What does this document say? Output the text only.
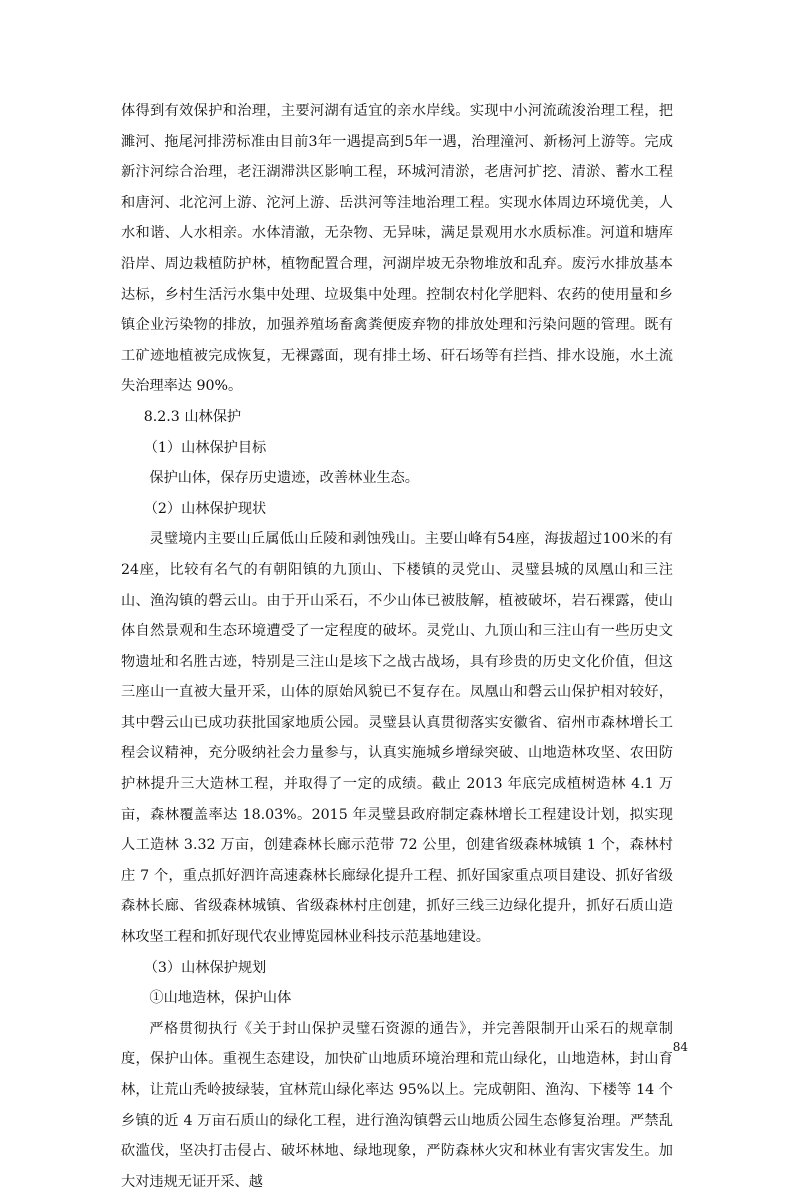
体得到有效保护和治理，主要河湖有适宜的亲水岸线。实现中小河流疏浚治理工程，把濉河、拖尾河排涝标准由目前3年一遇提高到5年一遇，治理潼河、新杨河上游等。完成新汴河综合治理，老汪湖滞洪区影响工程，环城河清淤，老唐河扩挖、清淤、蓄水工程和唐河、北沱河上游、沱河上游、岳洪河等洼地治理工程。实现水体周边环境优美，人水和谐、人水相亲。水体清澈，无杂物、无异味，满足景观用水水质标准。河道和塘库沿岸、周边栽植防护林，植物配置合理，河湖岸坡无杂物堆放和乱弃。废污水排放基本达标，乡村生活污水集中处理、垃圾集中处理。控制农村化学肥料、农药的使用量和乡镇企业污染物的排放，加强养殖场畜禽粪便废弃物的排放处理和污染问题的管理。既有工矿迹地植被完成恢复，无裸露面，现有排土场、矸石场等有拦挡、排水设施，水土流失治理率达 90%。

8.2.3 山林保护

（1）山林保护目标

保护山体，保存历史遗迹，改善林业生态。

（2）山林保护现状

灵璧境内主要山丘属低山丘陵和剥蚀残山。主要山峰有54座，海拔超过100米的有24座，比较有名气的有朝阳镇的九顶山、下楼镇的灵党山、灵璧县城的凤凰山和三注山、渔沟镇的磬云山。由于开山采石，不少山体已被肢解，植被破坏，岩石裸露，使山体自然景观和生态环境遭受了一定程度的破坏。灵党山、九顶山和三注山有一些历史文物遗址和名胜古迹，特别是三注山是垓下之战古战场，具有珍贵的历史文化价值，但这三座山一直被大量开采，山体的原始风貌已不复存在。凤凰山和磬云山保护相对较好，其中磬云山已成功获批国家地质公园。灵璧县认真贯彻落实安徽省、宿州市森林增长工程会议精神，充分吸纳社会力量参与，认真实施城乡增绿突破、山地造林攻坚、农田防护林提升三大造林工程，并取得了一定的成绩。截止 2013 年底完成植树造林 4.1 万亩，森林覆盖率达 18.03%。2015 年灵璧县政府制定森林增长工程建设计划，拟实现人工造林 3.32 万亩，创建森林长廊示范带 72 公里，创建省级森林城镇 1 个，森林村庄 7 个，重点抓好泗许高速森林长廊绿化提升工程、抓好国家重点项目建设、抓好省级森林长廊、省级森林城镇、省级森林村庄创建，抓好三线三边绿化提升，抓好石质山造林攻坚工程和抓好现代农业博览园林业科技示范基地建设。

（3）山林保护规划

①山地造林，保护山体

严格贯彻执行《关于封山保护灵璧石资源的通告》，并完善限制开山采石的规章制度，保护山体。重视生态建设，加快矿山地质环境治理和荒山绿化，山地造林，封山育林，让荒山秃岭披绿装，宜林荒山绿化率达 95%以上。完成朝阳、渔沟、下楼等 14 个乡镇的近 4 万亩石质山的绿化工程，进行渔沟镇磬云山地质公园生态修复治理。严禁乱砍滥伐，坚决打击侵占、破坏林地、绿地现象，严防森林火灾和林业有害灾害发生。加大对违规无证开采、越

84
